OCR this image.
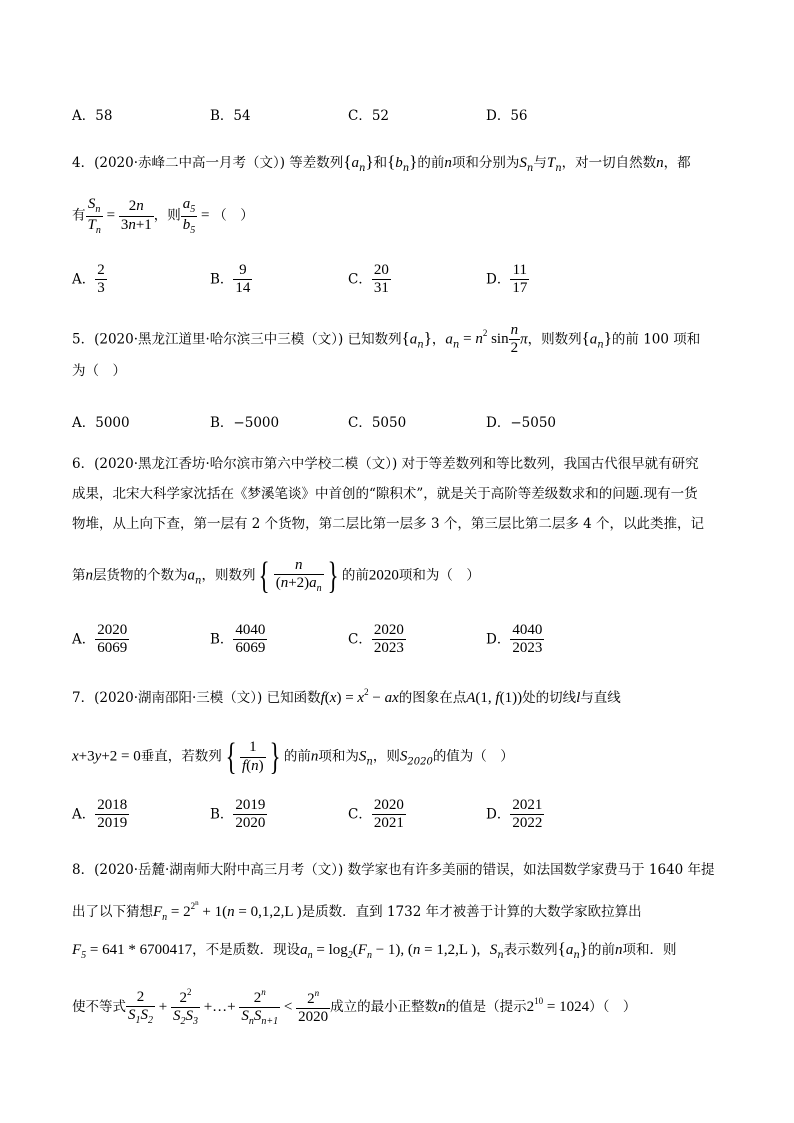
A．58	B．54	C．52	D．56
4．(2020·赤峰二中高一月考（文）) 等差数列$\{a_n\}$和$\{b_n\}$的前n项和分别为$S_n$与$T_n$，对一切自然数n，都
有 $\frac{S_n}{T_n} = \frac{2n}{3n+1}$ ，则 $\frac{a_5}{b_5}$ = （　）
A． $\frac{2}{3}$	B． $\frac{9}{14}$	C． $\frac{20}{31}$	D． $\frac{11}{17}$
5．(2020·黑龙江道里·哈尔滨三中三模（文）) 已知数列$\{a_n\}$，$a_n = n^2$ $\sin \frac{n}{2}$ π，则数列$\{a_n\}$的前 100 项和
为（　）
A．5000	B．−5000	C．5050	D．−5050
6．(2020·黑龙江香坊·哈尔滨市第六中学校二模（文）) 对于等差数列和等比数列，我国古代很早就有研究
成果，北宋大科学家沈括在《梦溪笔谈》中首创的“隙积术”，就是关于高阶等差级数求和的问题.现有一货
物堆，从上向下查，第一层有 2 个货物，第二层比第一层多 3 个，第三层比第二层多 4 个，以此类推，记
第n层货物的个数为$a_n$，则数列{ $\frac{n}{(n+2)a_n}$ } 的前2020项和为（　）
A． $\frac{2020}{6069}$	B． $\frac{4040}{6069}$	C． $\frac{2020}{2023}$	D． $\frac{4040}{2023}$
7．(2020·湖南邵阳·三模（文）) 已知函数$f(x) = x^2$ − ax的图象在点A(1, f(1))处的切线l与直线
x+3y+2 = 0垂直，若数列{ $\frac{1}{f(n)}$ } 的前n项和为$S_n$，则$S_{2020}$的值为（　）
A． $\frac{2018}{2019}$	B． $\frac{2019}{2020}$	C． $\frac{2020}{2021}$	D． $\frac{2021}{2022}$
8．(2020·岳麓·湖南师大附中高三月考（文）) 数学家也有许多美丽的错误，如法国数学家费马于 1640 年提
出了以下猜想$F_n = 2^{2^n} + 1(n = 0,1,2,L$ )是质数．直到 1732 年才被善于计算的大数学家欧拉算出
$F_5 = 641 * 6700417$，不是质数．现设$a_n = \log_2(F_n - 1)$, (n = 1,2,L )，$S_n$表示数列$\{a_n\}$的前n项和．则
使不等式 $\frac{2}{S_1S_2} + \frac{2^2}{S_2S_3}$ +…+ $\frac{2^n}{S_nS_{n+1}} < \frac{2^n}{2020}$ 成立的最小正整数n的值是（提示$2^{10} = 1024$）（　）
